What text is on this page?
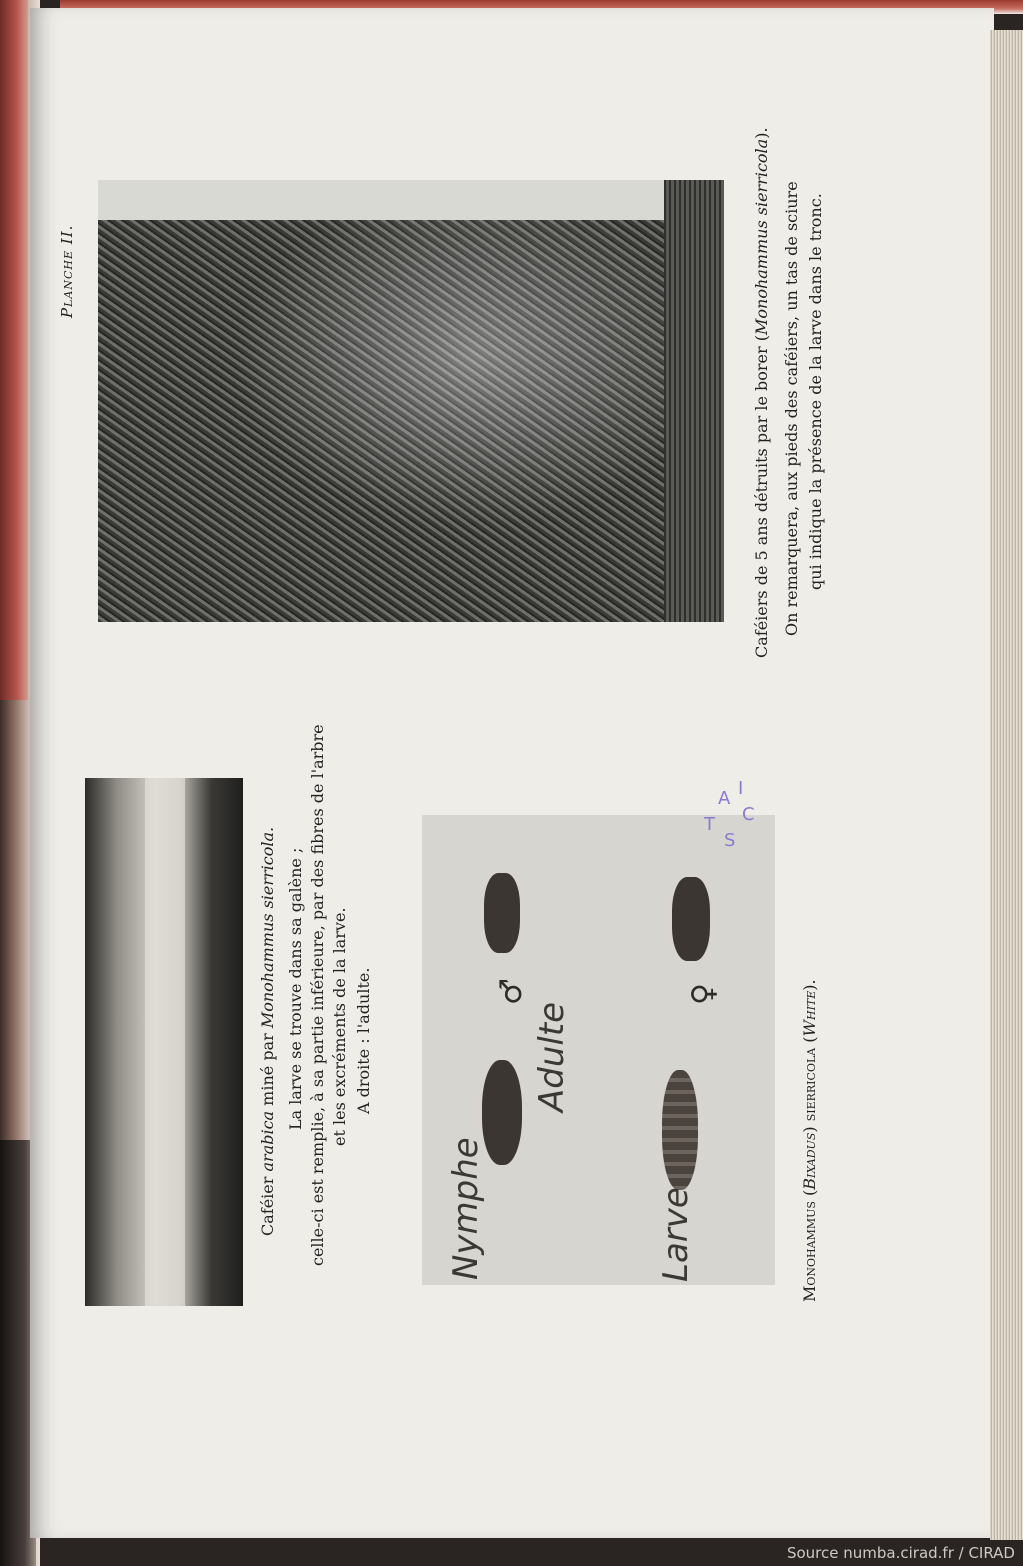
Planche II.
Caféiers de 5 ans détruits par le borer (Monohammus sierricola).
On remarquera, aux pieds des caféiers, un tas de sciure qui indique la présence de la larve dans le tronc.
Caféier arabica miné par Monohammus sierricola. La larve se trouve dans sa galène ; celle-ci est remplie, à sa partie inférieure, par des fibres de l'arbre et les excréments de la larve. A droite : l'adulte.	♂	♀
Adulte
Nymphe	Larve	Monohammus (Bixadus) sierricola (White).
I
A
C
S
T
Source numba.cirad.fr / CIRAD
